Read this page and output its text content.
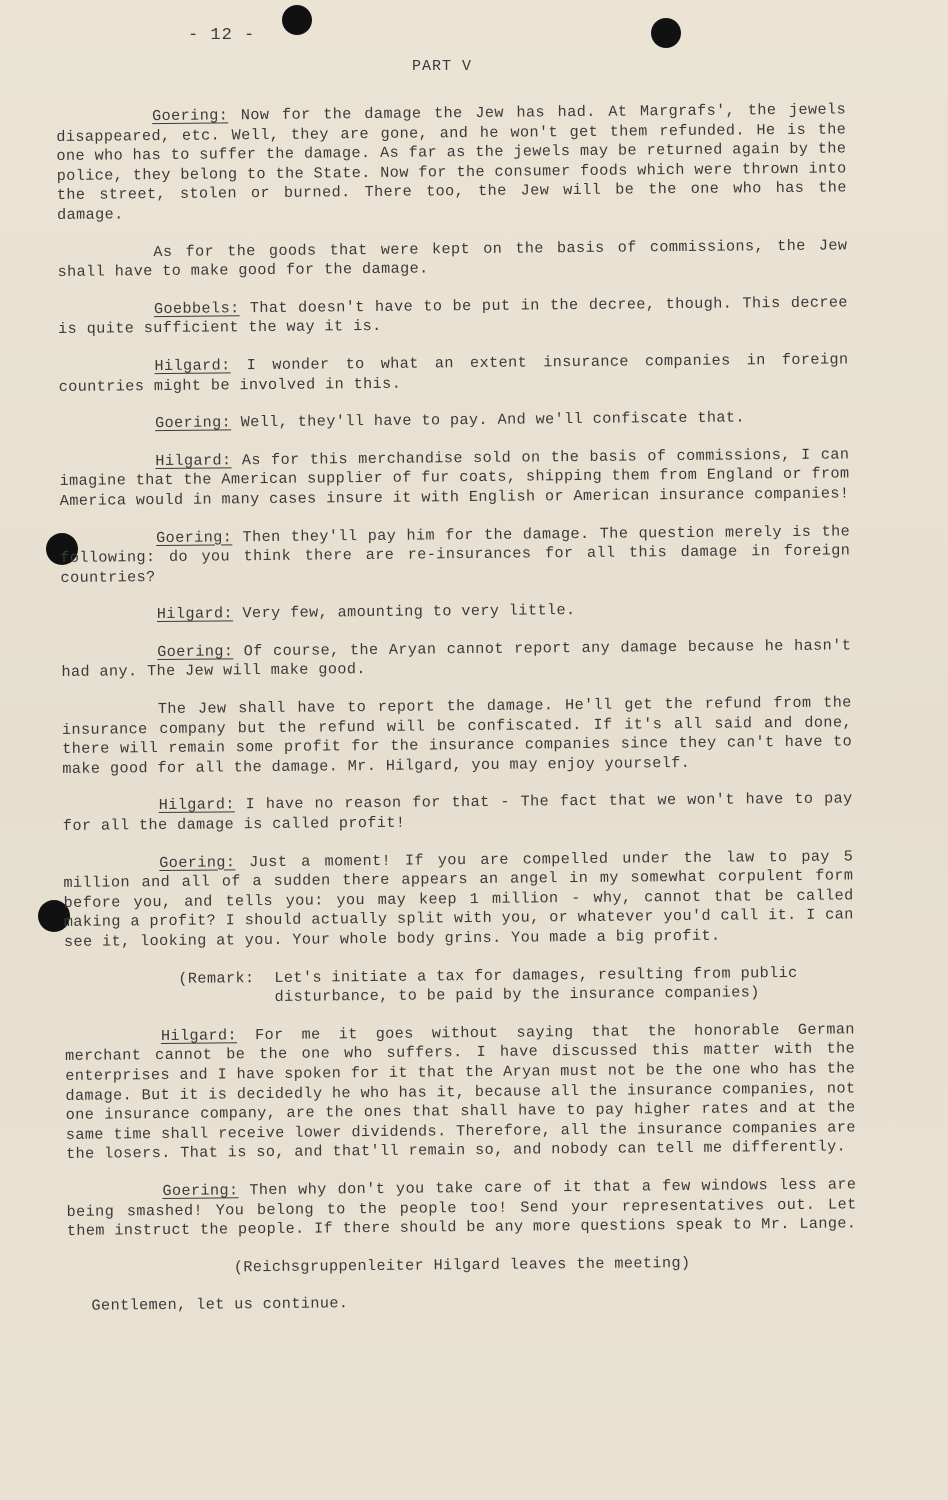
- 12 -
PART V

Goering: Now for the damage the Jew has had. At Margrafs', the jewels disappeared, etc. Well, they are gone, and he won't get them refunded. He is the one who has to suffer the damage. As far as the jewels may be returned again by the police, they belong to the State. Now for the consumer foods which were thrown into the street, stolen or burned. There too, the Jew will be the one who has the damage.

As for the goods that were kept on the basis of commissions, the Jew shall have to make good for the damage.

Goebbels: That doesn't have to be put in the decree, though. This decree is quite sufficient the way it is.

Hilgard: I wonder to what an extent insurance companies in foreign countries might be involved in this.

Goering: Well, they'll have to pay. And we'll confiscate that.

Hilgard: As for this merchandise sold on the basis of commissions, I can imagine that the American supplier of fur coats, shipping them from England or from America would in many cases insure it with English or American insurance companies!

Goering: Then they'll pay him for the damage. The question merely is the following: do you think there are re-insurances for all this damage in foreign countries?

Hilgard: Very few, amounting to very little.

Goering: Of course, the Aryan cannot report any damage because he hasn't had any. The Jew will make good.

The Jew shall have to report the damage. He'll get the refund from the insurance company but the refund will be confiscated. If it's all said and done, there will remain some profit for the insurance companies since they can't have to make good for all the damage. Mr. Hilgard, you may enjoy yourself.

Hilgard: I have no reason for that - The fact that we won't have to pay for all the damage is called profit!

Goering: Just a moment! If you are compelled under the law to pay 5 million and all of a sudden there appears an angel in my somewhat corpulent form before you, and tells you: you may keep 1 million - why, cannot that be called making a profit? I should actually split with you, or whatever you'd call it. I can see it, looking at you. Your whole body grins. You made a big profit.

(Remark: Let's initiate a tax for damages, resulting from public disturbance, to be paid by the insurance companies)

Hilgard: For me it goes without saying that the honorable German merchant cannot be the one who suffers. I have discussed this matter with the enterprises and I have spoken for it that the Aryan must not be the one who has the damage. But it is decidedly he who has it, because all the insurance companies, not one insurance company, are the ones that shall have to pay higher rates and at the same time shall receive lower dividends. Therefore, all the insurance companies are the losers. That is so, and that'll remain so, and nobody can tell me differently.

Goering: Then why don't you take care of it that a few windows less are being smashed! You belong to the people too! Send your representatives out. Let them instruct the people. If there should be any more questions speak to Mr. Lange.

(Reichsgruppenleiter Hilgard leaves the meeting)

Gentlemen, let us continue.
